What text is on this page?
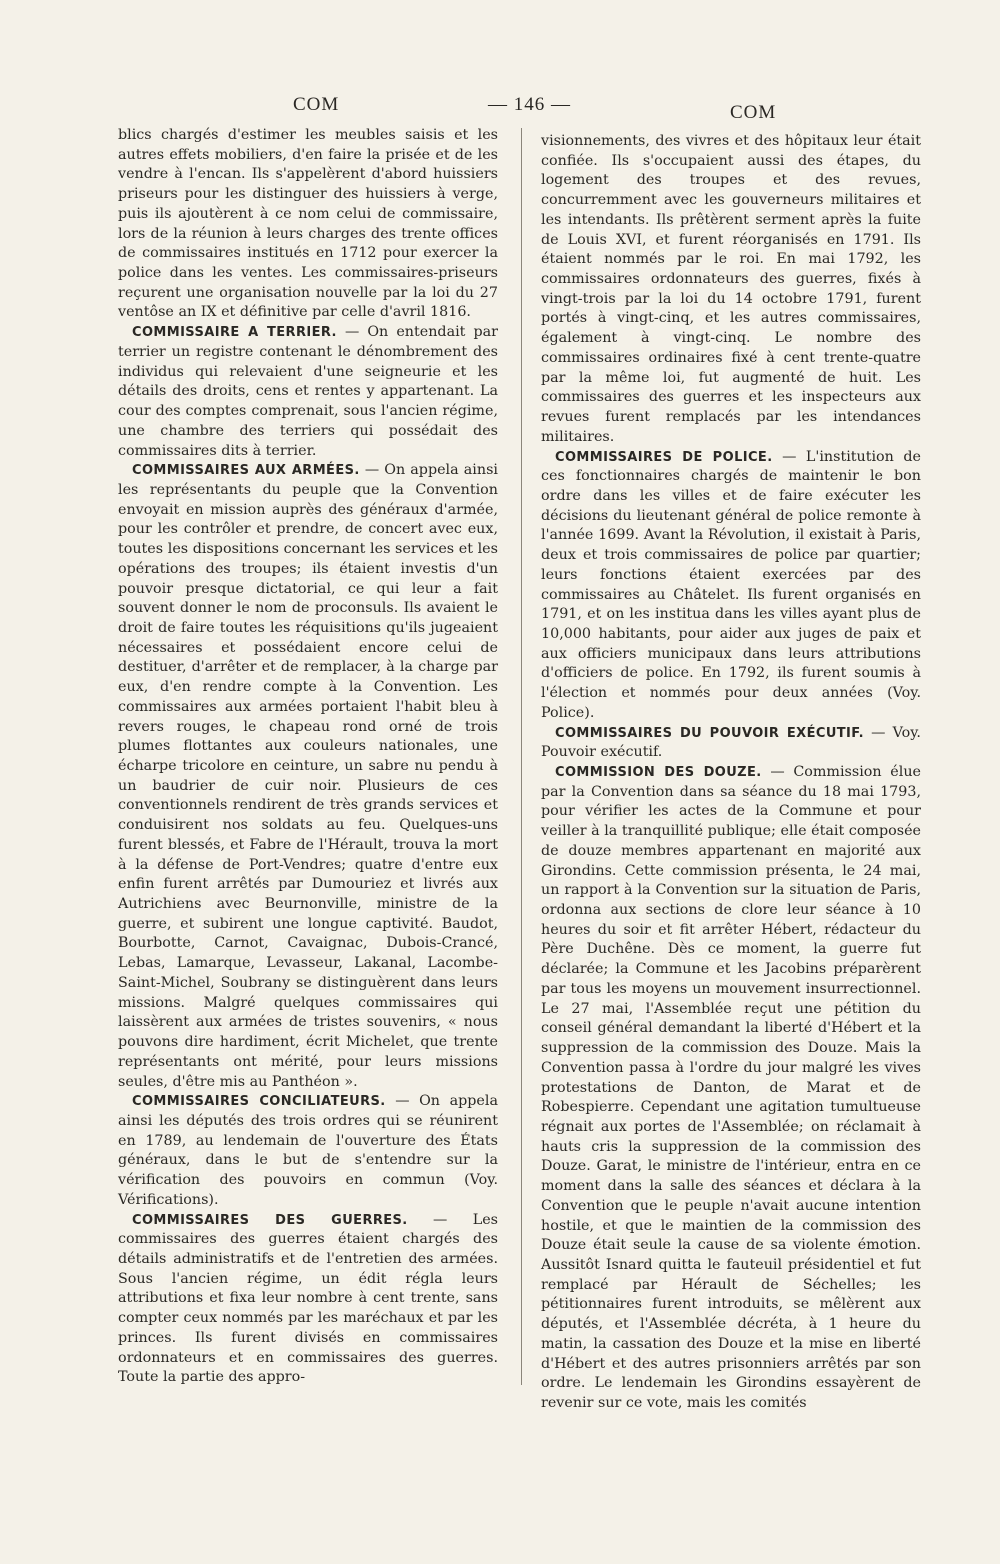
COM	— 146 —	COM

blics chargés d'estimer les meubles saisis et les autres effets mobiliers, d'en faire la prisée et de les vendre à l'encan. Ils s'appelèrent d'abord huissiers priseurs pour les distinguer des huissiers à verge, puis ils ajoutèrent à ce nom celui de commissaire, lors de la réunion à leurs charges des trente offices de commissaires institués en 1712 pour exercer la police dans les ventes. Les commissaires-priseurs reçurent une organisation nouvelle par la loi du 27 ventôse an IX et définitive par celle d'avril 1816.

COMMISSAIRE A TERRIER. — On entendait par terrier un registre contenant le dénombrement des individus qui relevaient d'une seigneurie et les détails des droits, cens et rentes y appartenant. La cour des comptes comprenait, sous l'ancien régime, une chambre des terriers qui possédait des commissaires dits à terrier.

COMMISSAIRES AUX ARMÉES. — On appela ainsi les représentants du peuple que la Convention envoyait en mission auprès des généraux d'armée, pour les contrôler et prendre, de concert avec eux, toutes les dispositions concernant les services et les opérations des troupes; ils étaient investis d'un pouvoir presque dictatorial, ce qui leur a fait souvent donner le nom de proconsuls. Ils avaient le droit de faire toutes les réquisitions qu'ils jugeaient nécessaires et possédaient encore celui de destituer, d'arrêter et de remplacer, à la charge par eux, d'en rendre compte à la Convention. Les commissaires aux armées portaient l'habit bleu à revers rouges, le chapeau rond orné de trois plumes flottantes aux couleurs nationales, une écharpe tricolore en ceinture, un sabre nu pendu à un baudrier de cuir noir. Plusieurs de ces conventionnels rendirent de très grands services et conduisirent nos soldats au feu. Quelques-uns furent blessés, et Fabre de l'Hérault, trouva la mort à la défense de Port-Vendres; quatre d'entre eux enfin furent arrêtés par Dumouriez et livrés aux Autrichiens avec Beurnonville, ministre de la guerre, et subirent une longue captivité. Baudot, Bourbotte, Carnot, Cavaignac, Dubois-Crancé, Lebas, Lamarque, Levasseur, Lakanal, Lacombe-Saint-Michel, Soubrany se distinguèrent dans leurs missions. Malgré quelques commissaires qui laissèrent aux armées de tristes souvenirs, « nous pouvons dire hardiment, écrit Michelet, que trente représentants ont mérité, pour leurs missions seules, d'être mis au Panthéon ».

COMMISSAIRES CONCILIATEURS. — On appela ainsi les députés des trois ordres qui se réunirent en 1789, au lendemain de l'ouverture des États généraux, dans le but de s'entendre sur la vérification des pouvoirs en commun (Voy. Vérifications).

COMMISSAIRES DES GUERRES. — Les commissaires des guerres étaient chargés des détails administratifs et de l'entretien des armées. Sous l'ancien régime, un édit régla leurs attributions et fixa leur nombre à cent trente, sans compter ceux nommés par les maréchaux et par les princes. Ils furent divisés en commissaires ordonnateurs et en commissaires des guerres. Toute la partie des appro-

visionnements, des vivres et des hôpitaux leur était confiée. Ils s'occupaient aussi des étapes, du logement des troupes et des revues, concurremment avec les gouverneurs militaires et les intendants. Ils prêtèrent serment après la fuite de Louis XVI, et furent réorganisés en 1791. Ils étaient nommés par le roi. En mai 1792, les commissaires ordonnateurs des guerres, fixés à vingt-trois par la loi du 14 octobre 1791, furent portés à vingt-cinq, et les autres commissaires, également à vingt-cinq. Le nombre des commissaires ordinaires fixé à cent trente-quatre par la même loi, fut augmenté de huit. Les commissaires des guerres et les inspecteurs aux revues furent remplacés par les intendances militaires.

COMMISSAIRES DE POLICE. — L'institution de ces fonctionnaires chargés de maintenir le bon ordre dans les villes et de faire exécuter les décisions du lieutenant général de police remonte à l'année 1699. Avant la Révolution, il existait à Paris, deux et trois commissaires de police par quartier; leurs fonctions étaient exercées par des commissaires au Châtelet. Ils furent organisés en 1791, et on les institua dans les villes ayant plus de 10,000 habitants, pour aider aux juges de paix et aux officiers municipaux dans leurs attributions d'officiers de police. En 1792, ils furent soumis à l'élection et nommés pour deux années (Voy. Police).

COMMISSAIRES DU POUVOIR EXÉCUTIF. — Voy. Pouvoir exécutif.

COMMISSION DES DOUZE. — Commission élue par la Convention dans sa séance du 18 mai 1793, pour vérifier les actes de la Commune et pour veiller à la tranquillité publique; elle était composée de douze membres appartenant en majorité aux Girondins. Cette commission présenta, le 24 mai, un rapport à la Convention sur la situation de Paris, ordonna aux sections de clore leur séance à 10 heures du soir et fit arrêter Hébert, rédacteur du Père Duchêne. Dès ce moment, la guerre fut déclarée; la Commune et les Jacobins préparèrent par tous les moyens un mouvement insurrectionnel. Le 27 mai, l'Assemblée reçut une pétition du conseil général demandant la liberté d'Hébert et la suppression de la commission des Douze. Mais la Convention passa à l'ordre du jour malgré les vives protestations de Danton, de Marat et de Robespierre. Cependant une agitation tumultueuse régnait aux portes de l'Assemblée; on réclamait à hauts cris la suppression de la commission des Douze. Garat, le ministre de l'intérieur, entra en ce moment dans la salle des séances et déclara à la Convention que le peuple n'avait aucune intention hostile, et que le maintien de la commission des Douze était seule la cause de sa violente émotion. Aussitôt Isnard quitta le fauteuil présidentiel et fut remplacé par Hérault de Séchelles; les pétitionnaires furent introduits, se mêlèrent aux députés, et l'Assemblée décréta, à 1 heure du matin, la cassation des Douze et la mise en liberté d'Hébert et des autres prisonniers arrêtés par son ordre. Le lendemain les Girondins essayèrent de revenir sur ce vote, mais les comités
